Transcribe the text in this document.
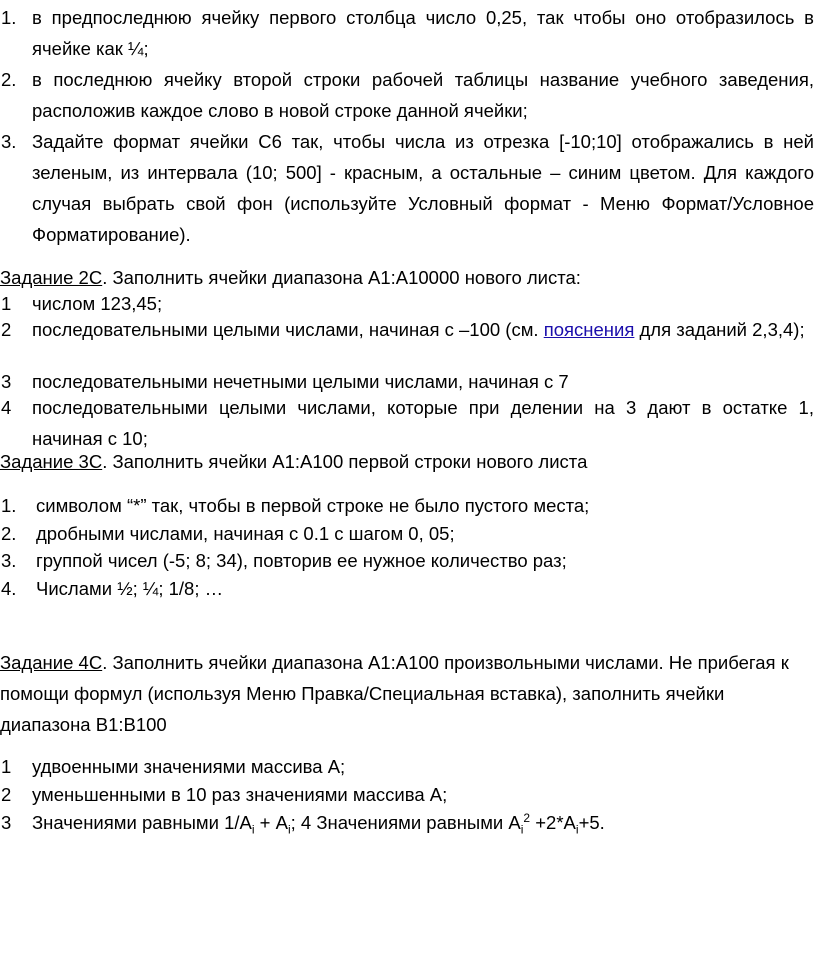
1. в предпоследнюю ячейку первого столбца число 0,25, так чтобы оно отобразилось в ячейке как ¼;
2. в последнюю ячейку второй строки рабочей таблицы название учебного заведения, расположив каждое слово в новой строке данной ячейки;
3. Задайте формат ячейки С6 так, чтобы числа из отрезка [-10;10] отображались в ней зеленым, из интервала (10; 500] - красным, а остальные – синим цветом. Для каждого случая выбрать свой фон (используйте Условный формат - Меню Формат/Условное Форматирование).
Задание 2С. Заполнить ячейки диапазона А1:А10000 нового листа:
1 числом 123,45;
2 последовательными целыми числами, начиная с –100 (см. пояснения для заданий 2,3,4);
3 последовательными нечетными целыми числами, начиная с 7
4 последовательными целыми числами, которые при делении на 3 дают в остатке 1, начиная с 10;
Задание 3С. Заполнить ячейки А1:А100 первой строки нового листа
1. символом “*” так, чтобы в первой строке не было пустого места;
2. дробными числами, начиная с 0.1 с шагом 0, 05;
3. группой чисел (-5; 8; 34), повторив ее нужное количество раз;
4. Числами ½; ¼; 1/8; …
Задание 4С. Заполнить ячейки диапазона А1:А100 произвольными числами. Не прибегая к помощи формул (используя Меню Правка/Специальная вставка), заполнить ячейки диапазона В1:В100
1 удвоенными значениями массива А;
2 уменьшенными в 10 раз значениями массива А;
3 Значениями равными $1/А_i + А_i$; 4 Значениями равными $А_i^2 +2*А_i+5$.
